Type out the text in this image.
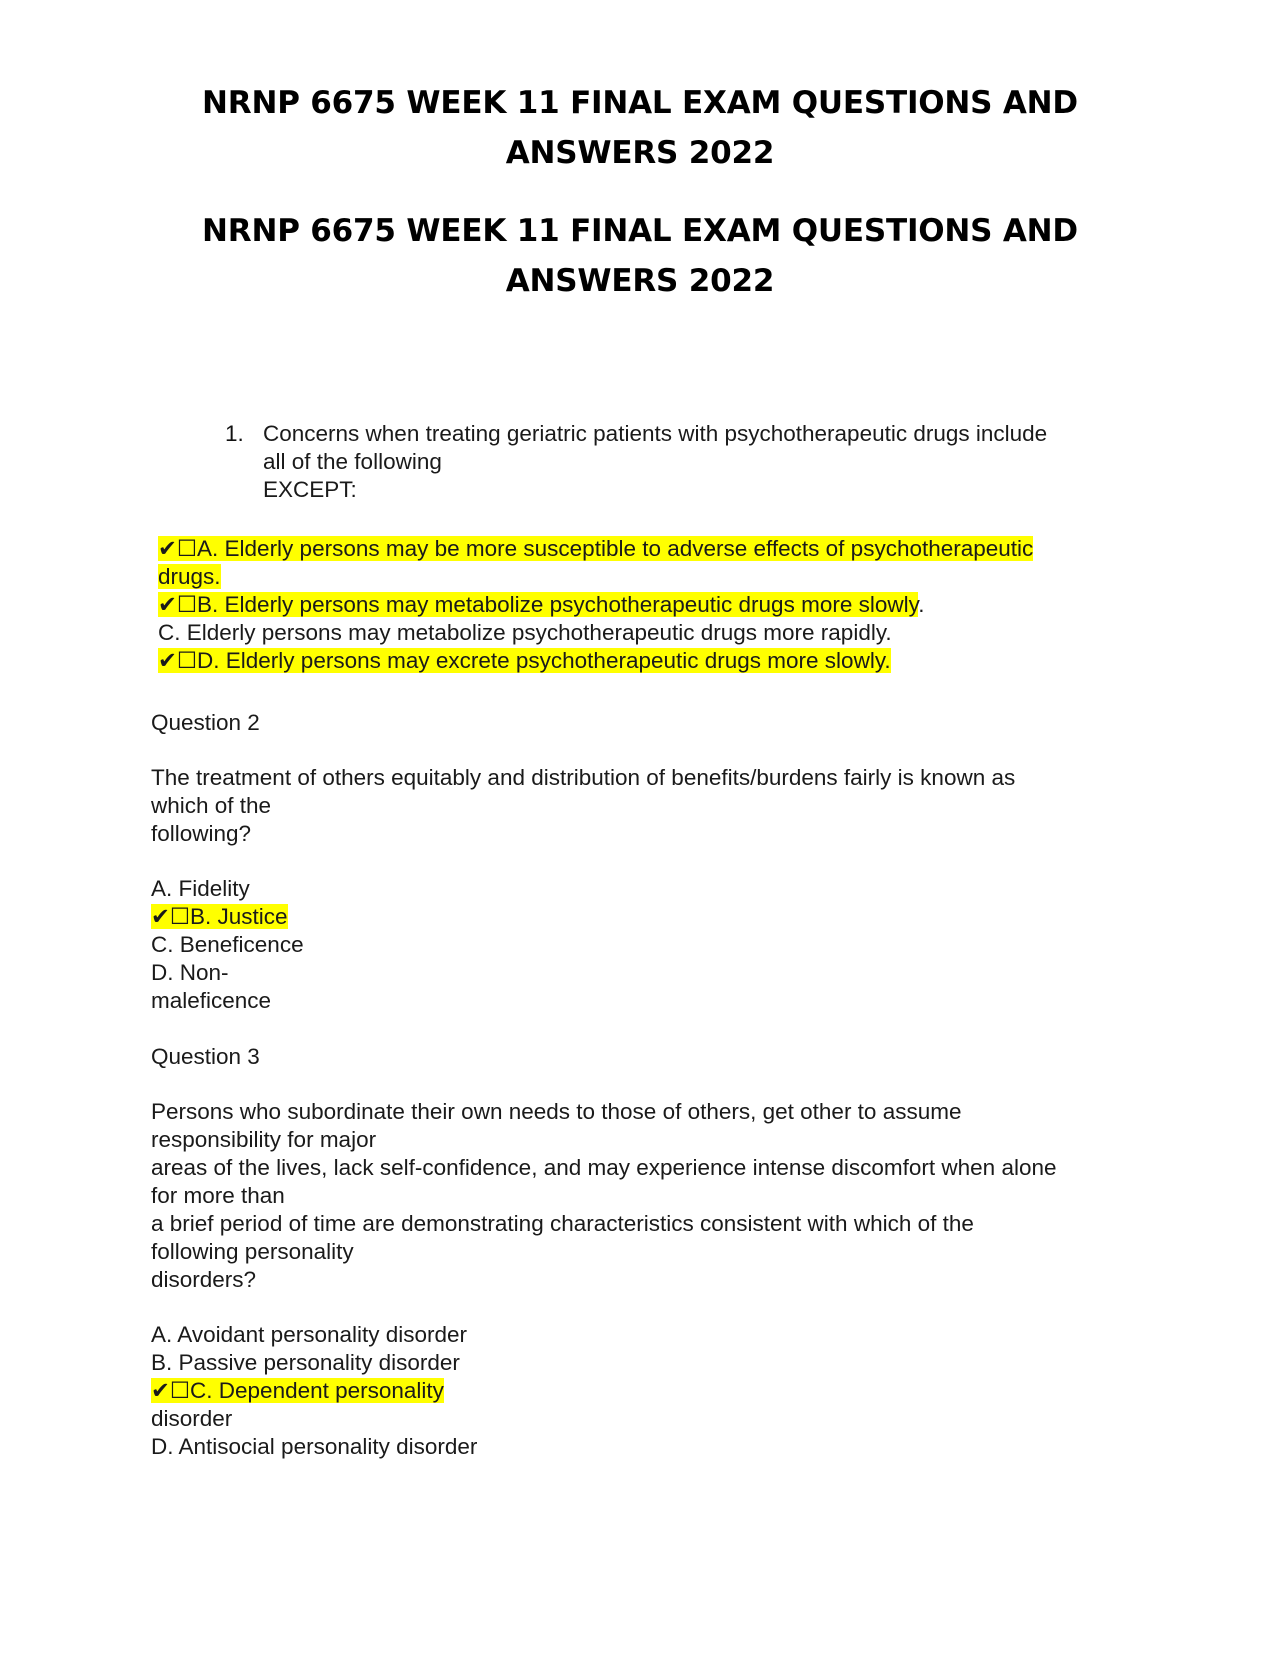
NRNP 6675 WEEK 11 FINAL EXAM QUESTIONS AND
ANSWERS 2022
NRNP 6675 WEEK 11 FINAL EXAM QUESTIONS AND
ANSWERS 2022
1. Concerns when treating geriatric patients with psychotherapeutic drugs include
all of the following
EXCEPT:
✔☐A. Elderly persons may be more susceptible to adverse effects of psychotherapeutic
drugs.
✔☐B. Elderly persons may metabolize psychotherapeutic drugs more slowly.
C. Elderly persons may metabolize psychotherapeutic drugs more rapidly.
✔☐D. Elderly persons may excrete psychotherapeutic drugs more slowly.
Question 2
The treatment of others equitably and distribution of benefits/burdens fairly is known as
which of the
following?
A. Fidelity
✔☐B. Justice
C. Beneficence
D. Non-
maleficence
Question 3
Persons who subordinate their own needs to those of others, get other to assume
responsibility for major
areas of the lives, lack self-confidence, and may experience intense discomfort when alone
for more than
a brief period of time are demonstrating characteristics consistent with which of the
following personality
disorders?
A. Avoidant personality disorder
B. Passive personality disorder
✔☐C. Dependent personality
disorder
D. Antisocial personality disorder
